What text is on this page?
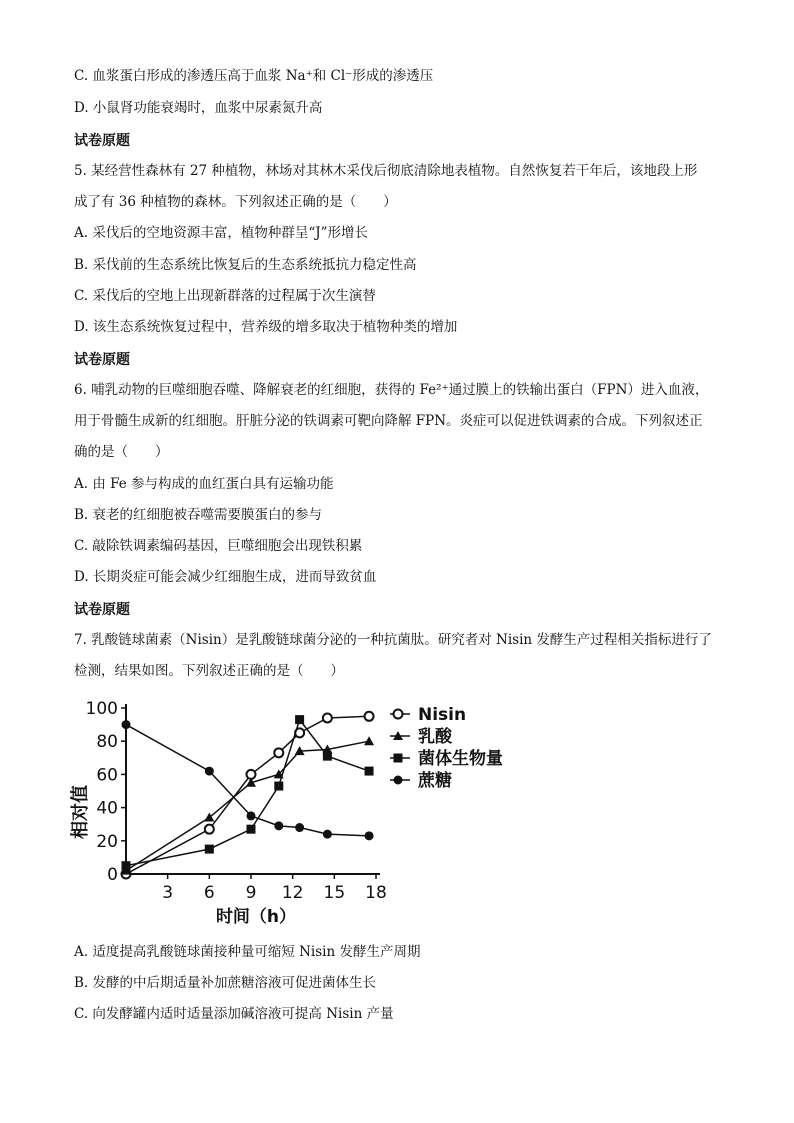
C. 血浆蛋白形成的渗透压高于血浆 Na⁺和 Cl⁻形成的渗透压
D. 小鼠肾功能衰竭时，血浆中尿素氮升高
试卷原题
5. 某经营性森林有 27 种植物，林场对其林木采伐后彻底清除地表植物。自然恢复若干年后，该地段上形
成了有 36 种植物的森林。下列叙述正确的是（　　）
A. 采伐后的空地资源丰富，植物种群呈“J”形增长
B. 采伐前的生态系统比恢复后的生态系统抵抗力稳定性高
C. 采伐后的空地上出现新群落的过程属于次生演替
D. 该生态系统恢复过程中，营养级的增多取决于植物种类的增加
试卷原题
6. 哺乳动物的巨噬细胞吞噬、降解衰老的红细胞，获得的 Fe²⁺通过膜上的铁输出蛋白（FPN）进入血液，
用于骨髓生成新的红细胞。肝脏分泌的铁调素可靶向降解 FPN。炎症可以促进铁调素的合成。下列叙述正
确的是（　　）
A. 由 Fe 参与构成的血红蛋白具有运输功能
B. 衰老的红细胞被吞噬需要膜蛋白的参与
C. 敲除铁调素编码基因，巨噬细胞会出现铁积累
D. 长期炎症可能会减少红细胞生成，进而导致贫血
试卷原题
7. 乳酸链球菌素（Nisin）是乳酸链球菌分泌的一种抗菌肽。研究者对 Nisin 发酵生产过程相关指标进行了
检测，结果如图。下列叙述正确的是（　　）
0
20
40
60
80
100
3 6 9 12 15 18
Nisin
乳酸
菌体生物量
蔗糖
相对值
时间（h）
A. 适度提高乳酸链球菌接种量可缩短 Nisin 发酵生产周期
B. 发酵的中后期适量补加蔗糖溶液可促进菌体生长
C. 向发酵罐内适时适量添加碱溶液可提高 Nisin 产量
